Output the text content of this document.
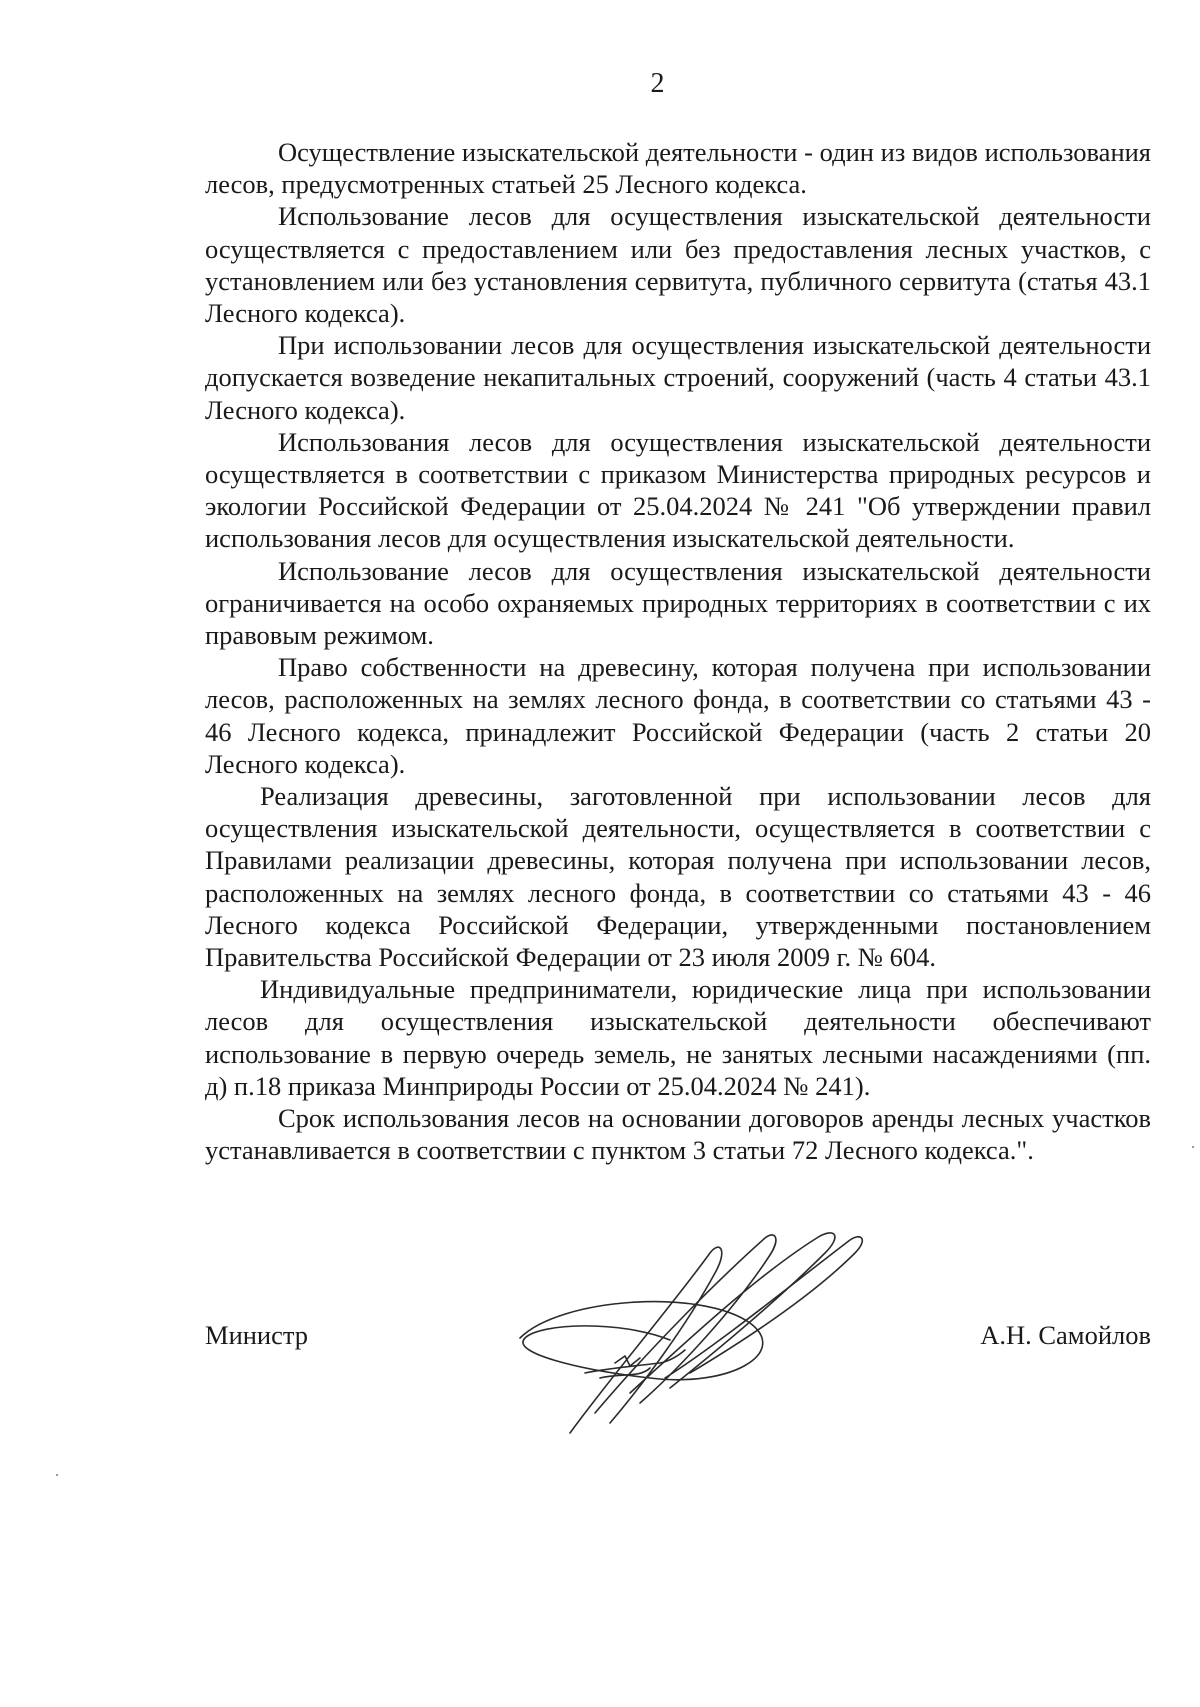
2

Осуществление изыскательской деятельности - один из видов использования лесов, предусмотренных статьей 25 Лесного кодекса.

Использование лесов для осуществления изыскательской деятельности осуществляется с предоставлением или без предоставления лесных участков, с установлением или без установления сервитута, публичного сервитута (статья 43.1 Лесного кодекса).

При использовании лесов для осуществления изыскательской деятельности допускается возведение некапитальных строений, сооружений (часть 4 статьи 43.1 Лесного кодекса).

Использования лесов для осуществления изыскательской деятельности осуществляется в соответствии с приказом Министерства природных ресурсов и экологии Российской Федерации от 25.04.2024 № 241 "Об утверждении правил использования лесов для осуществления изыскательской деятельности.

Использование лесов для осуществления изыскательской деятельности ограничивается на особо охраняемых природных территориях в соответствии с их правовым режимом.

Право собственности на древесину, которая получена при использовании лесов, расположенных на землях лесного фонда, в соответствии со статьями 43 - 46 Лесного кодекса, принадлежит Российской Федерации (часть 2 статьи 20 Лесного кодекса).

Реализация древесины, заготовленной при использовании лесов для осуществления изыскательской деятельности, осуществляется в соответствии с Правилами реализации древесины, которая получена при использовании лесов, расположенных на землях лесного фонда, в соответствии со статьями 43 - 46 Лесного кодекса Российской Федерации, утвержденными постановлением Правительства Российской Федерации от 23 июля 2009 г. № 604.

Индивидуальные предприниматели, юридические лица при использовании лесов для осуществления изыскательской деятельности обеспечивают использование в первую очередь земель, не занятых лесными насаждениями (пп. д) п.18 приказа Минприроды России от 25.04.2024 № 241).

Срок использования лесов на основании договоров аренды лесных участков устанавливается в соответствии с пунктом 3 статьи 72 Лесного кодекса.".

Министр	А.Н. Самойлов
